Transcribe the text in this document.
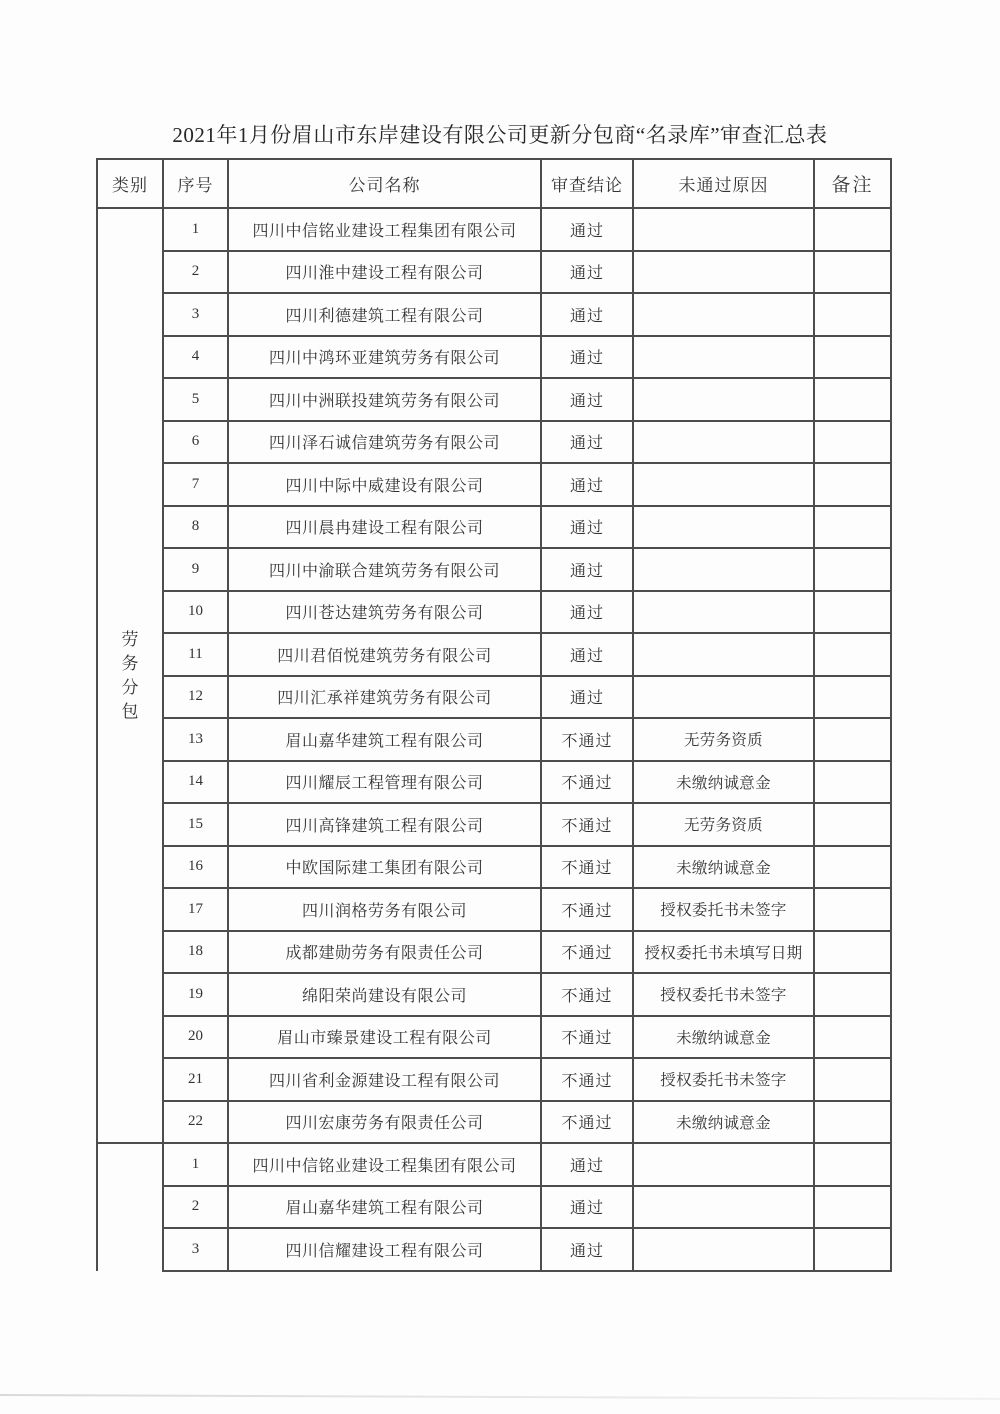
2021年1月份眉山市东岸建设有限公司更新分包商“名录库”审查汇总表
类别	序号	公司名称	审查结论	未通过原因	备注

劳务分包	1	四川中信铭业建设工程集团有限公司	通过		
	2	四川淮中建设工程有限公司	通过		
	3	四川利德建筑工程有限公司	通过		
	4	四川中鸿环亚建筑劳务有限公司	通过		
	5	四川中洲联投建筑劳务有限公司	通过		
	6	四川泽石诚信建筑劳务有限公司	通过		
	7	四川中际中威建设有限公司	通过		
	8	四川晨冉建设工程有限公司	通过		
	9	四川中渝联合建筑劳务有限公司	通过		
	10	四川苍达建筑劳务有限公司	通过		
	11	四川君佰悦建筑劳务有限公司	通过		
	12	四川汇承祥建筑劳务有限公司	通过		
	13	眉山嘉华建筑工程有限公司	不通过	无劳务资质	
	14	四川耀辰工程管理有限公司	不通过	未缴纳诚意金	
	15	四川高锋建筑工程有限公司	不通过	无劳务资质	
	16	中欧国际建工集团有限公司	不通过	未缴纳诚意金	
	17	四川润格劳务有限公司	不通过	授权委托书未签字	
	18	成都建勋劳务有限责任公司	不通过	授权委托书未填写日期	
	19	绵阳荣尚建设有限公司	不通过	授权委托书未签字	
	20	眉山市臻景建设工程有限公司	不通过	未缴纳诚意金	
	21	四川省利金源建设工程有限公司	不通过	授权委托书未签字	
	22	四川宏康劳务有限责任公司	不通过	未缴纳诚意金	

	1	四川中信铭业建设工程集团有限公司	通过		
	2	眉山嘉华建筑工程有限公司	通过		
	3	四川信耀建设工程有限公司	通过		
